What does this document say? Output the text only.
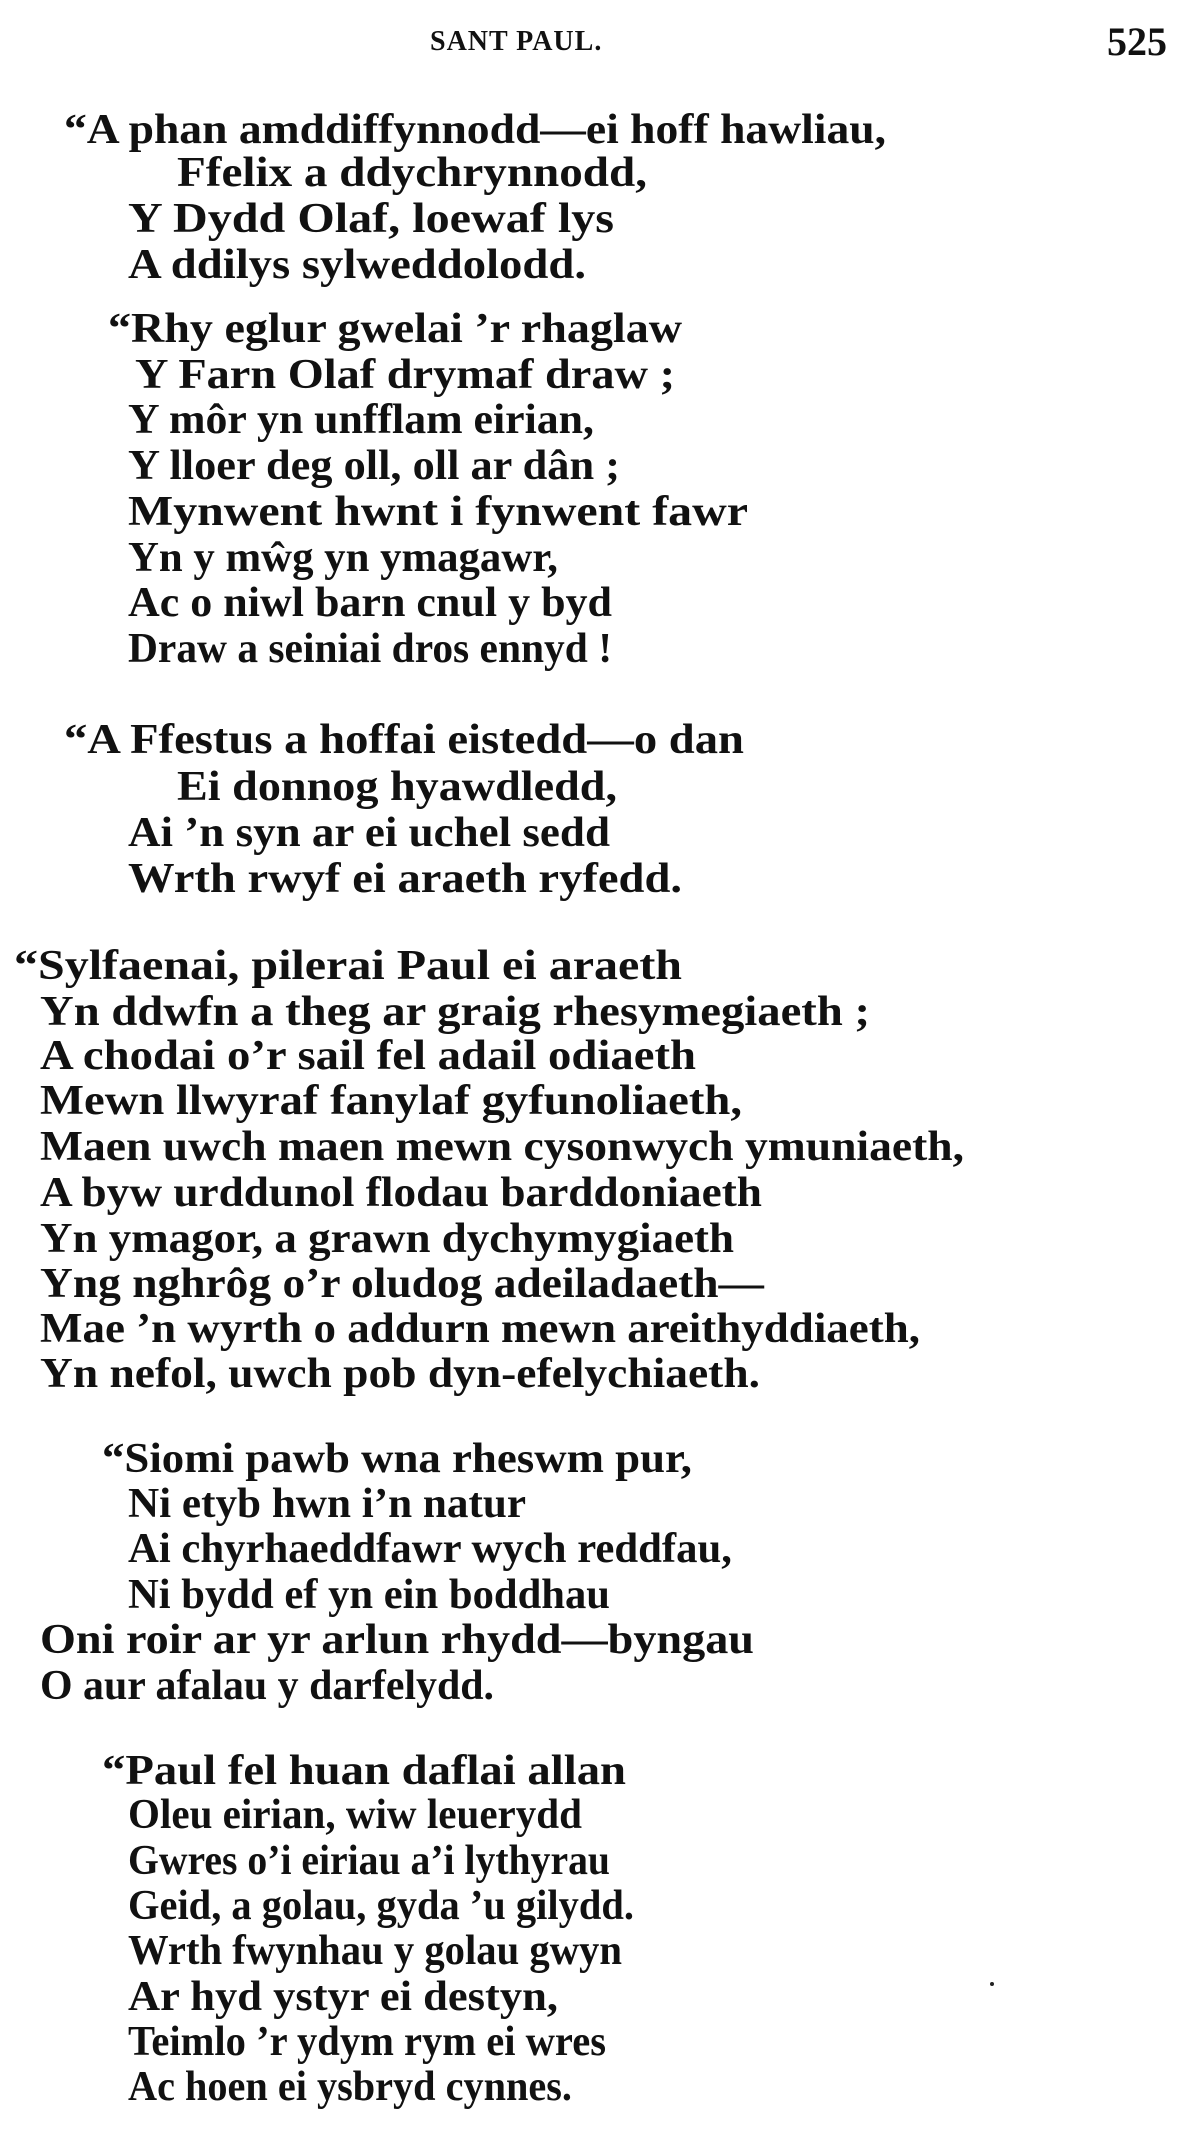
SANT PAUL.	525
“A phan amddiffynnodd—ei hoff hawliau,
Ffelix a ddychrynnodd,
Y Dydd Olaf, loewaf lys
A ddilys sylweddolodd.
“Rhy eglur gwelai ’r rhaglaw
Y Farn Olaf drymaf draw ;
Y môr yn unfflam eirian,
Y lloer deg oll, oll ar dân ;
Mynwent hwnt i fynwent fawr
Yn y mŵg yn ymagawr,
Ac o niwl barn cnul y byd
Draw a seiniai dros ennyd !
“A Ffestus a hoffai eistedd—o dan
Ei donnog hyawdledd,
Ai ’n syn ar ei uchel sedd
Wrth rwyf ei araeth ryfedd.
“Sylfaenai, pilerai Paul ei araeth
Yn ddwfn a theg ar graig rhesymegiaeth ;
A chodai o’r sail fel adail odiaeth
Mewn llwyraf fanylaf gyfunoliaeth,
Maen uwch maen mewn cysonwych ymuniaeth,
A byw urddunol flodau barddoniaeth
Yn ymagor, a grawn dychymygiaeth
Yng nghrôg o’r oludog adeiladaeth—
Mae ’n wyrth o addurn mewn areithyddiaeth,
Yn nefol, uwch pob dyn-efelychiaeth.
“Siomi pawb wna rheswm pur,
Ni etyb hwn i’n natur
Ai chyrhaeddfawr wych reddfau,
Ni bydd ef yn ein boddhau
Oni roir ar yr arlun rhydd—byngau
O aur afalau y darfelydd.
“Paul fel huan daflai allan
Oleu eirian, wiw leuerydd
Gwres o’i eiriau a’i lythyrau
Geid, a golau, gyda ’u gilydd.
Wrth fwynhau y golau gwyn
Ar hyd ystyr ei destyn,
Teimlo ’r ydym rym ei wres
Ac hoen ei ysbryd cynnes.
